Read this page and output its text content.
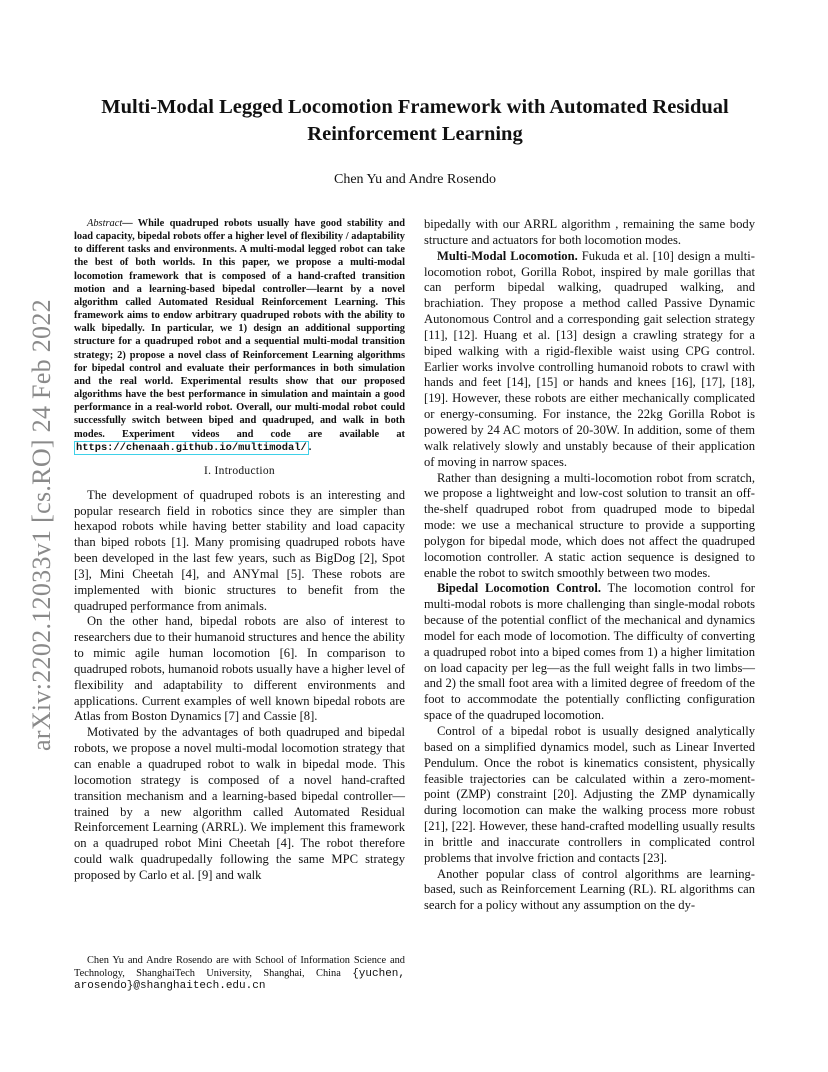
arXiv:2202.12033v1 [cs.RO] 24 Feb 2022
Multi-Modal Legged Locomotion Framework with Automated Residual Reinforcement Learning
Chen Yu and Andre Rosendo

Abstract— While quadruped robots usually have good stability and load capacity, bipedal robots offer a higher level of flexibility / adaptability to different tasks and environments. A multi-modal legged robot can take the best of both worlds. In this paper, we propose a multi-modal locomotion framework that is composed of a hand-crafted transition motion and a learning-based bipedal controller—learnt by a novel algorithm called Automated Residual Reinforcement Learning. This framework aims to endow arbitrary quadruped robots with the ability to walk bipedally. In particular, we 1) design an additional supporting structure for a quadruped robot and a sequential multi-modal transition strategy; 2) propose a novel class of Reinforcement Learning algorithms for bipedal control and evaluate their performances in both simulation and the real world. Experimental results show that our proposed algorithms have the best performance in simulation and maintain a good performance in a real-world robot. Overall, our multi-modal robot could successfully switch between biped and quadruped, and walk in both modes. Experiment videos and code are available at https://chenaah.github.io/multimodal/ .

I. Introduction

The development of quadruped robots is an interesting and popular research field in robotics since they are simpler than hexapod robots while having better stability and load capacity than biped robots [1]. Many promising quadruped robots have been developed in the last few years, such as BigDog [2], Spot [3], Mini Cheetah [4], and ANYmal [5]. These robots are implemented with bionic structures to benefit from the quadruped performance from animals.

On the other hand, bipedal robots are also of interest to researchers due to their humanoid structures and hence the ability to mimic agile human locomotion [6]. In comparison to quadruped robots, humanoid robots usually have a higher level of flexibility and adaptability to different environments and applications. Current examples of well known bipedal robots are Atlas from Boston Dynamics [7] and Cassie [8].

Motivated by the advantages of both quadruped and bipedal robots, we propose a novel multi-modal locomotion strategy that can enable a quadruped robot to walk in bipedal mode. This locomotion strategy is composed of a novel hand-crafted transition mechanism and a learning-based bipedal controller—trained by a new algorithm called Automated Residual Reinforcement Learning (ARRL). We implement this framework on a quadruped robot Mini Cheetah [4]. The robot therefore could walk quadrupedally following the same MPC strategy proposed by Carlo et al. [9] and walk

Chen Yu and Andre Rosendo are with School of Information Science and Technology, ShanghaiTech University, Shanghai, China {yuchen, arosendo}@shanghaitech.edu.cn

bipedally with our ARRL algorithm , remaining the same body structure and actuators for both locomotion modes.

Multi-Modal Locomotion. Fukuda et al. [10] design a multi-locomotion robot, Gorilla Robot, inspired by male gorillas that can perform bipedal walking, quadruped walking, and brachiation. They propose a method called Passive Dynamic Autonomous Control and a corresponding gait selection strategy [11], [12]. Huang et al. [13] design a crawling strategy for a biped walking with a rigid-flexible waist using CPG control. Earlier works involve controlling humanoid robots to crawl with hands and feet [14], [15] or hands and knees [16], [17], [18], [19]. However, these robots are either mechanically complicated or energy-consuming. For instance, the 22kg Gorilla Robot is powered by 24 AC motors of 20-30W. In addition, some of them walk relatively slowly and unstably because of their application of moving in narrow spaces.

Rather than designing a multi-locomotion robot from scratch, we propose a lightweight and low-cost solution to transit an off-the-shelf quadruped robot from quadruped mode to bipedal mode: we use a mechanical structure to provide a supporting polygon for bipedal mode, which does not affect the quadruped locomotion controller. A static action sequence is designed to enable the robot to switch smoothly between two modes.

Bipedal Locomotion Control. The locomotion control for multi-modal robots is more challenging than single-modal robots because of the potential conflict of the mechanical and dynamics model for each mode of locomotion. The difficulty of converting a quadruped robot into a biped comes from 1) a higher limitation on load capacity per leg—as the full weight falls in two limbs—and 2) the small foot area with a limited degree of freedom of the foot to accommodate the potentially conflicting configuration space of the quadruped locomotion.

Control of a bipedal robot is usually designed analytically based on a simplified dynamics model, such as Linear Inverted Pendulum. Once the robot is kinematics consistent, physically feasible trajectories can be calculated within a zero-moment-point (ZMP) constraint [20]. Adjusting the ZMP dynamically during locomotion can make the walking process more robust [21], [22]. However, these hand-crafted modelling usually results in brittle and inaccurate controllers in complicated control problems that involve friction and contacts [23].

Another popular class of control algorithms are learning-based, such as Reinforcement Learning (RL). RL algorithms can search for a policy without any assumption on the dy-
